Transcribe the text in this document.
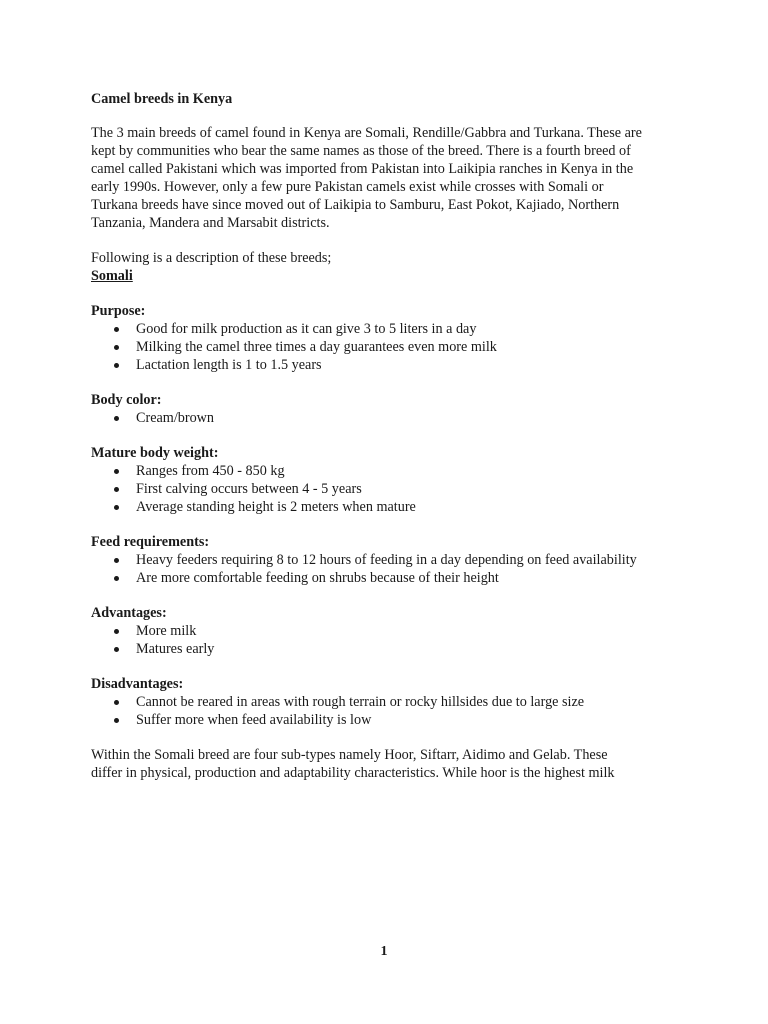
Camel breeds in Kenya

The 3 main breeds of camel found in Kenya are Somali, Rendille/Gabbra and Turkana. These are
kept by communities who bear the same names as those of the breed. There is a fourth breed of
camel called Pakistani which was imported from Pakistan into Laikipia ranches in Kenya in the
early 1990s. However, only a few pure Pakistan camels exist while crosses with Somali or
Turkana breeds have since moved out of Laikipia to Samburu, East Pokot, Kajiado, Northern
Tanzania, Mandera and Marsabit districts.

Following is a description of these breeds;

Somali

Purpose:

Good for milk production as it can give 3 to 5 liters in a day
Milking the camel three times a day guarantees even more milk
Lactation length is 1 to 1.5 years

Body color:

Cream/brown

Mature body weight:

Ranges from 450 - 850 kg
First calving occurs between 4 - 5 years
Average standing height is 2 meters when mature

Feed requirements:

Heavy feeders requiring 8 to 12 hours of feeding in a day depending on feed availability
Are more comfortable feeding on shrubs because of their height

Advantages:

More milk
Matures early

Disadvantages:

Cannot be reared in areas with rough terrain or rocky hillsides due to large size
Suffer more when feed availability is low
Within the Somali breed are four sub-types namely Hoor, Siftarr, Aidimo and Gelab. These
differ in physical, production and adaptability characteristics. While hoor is the highest milk
1
